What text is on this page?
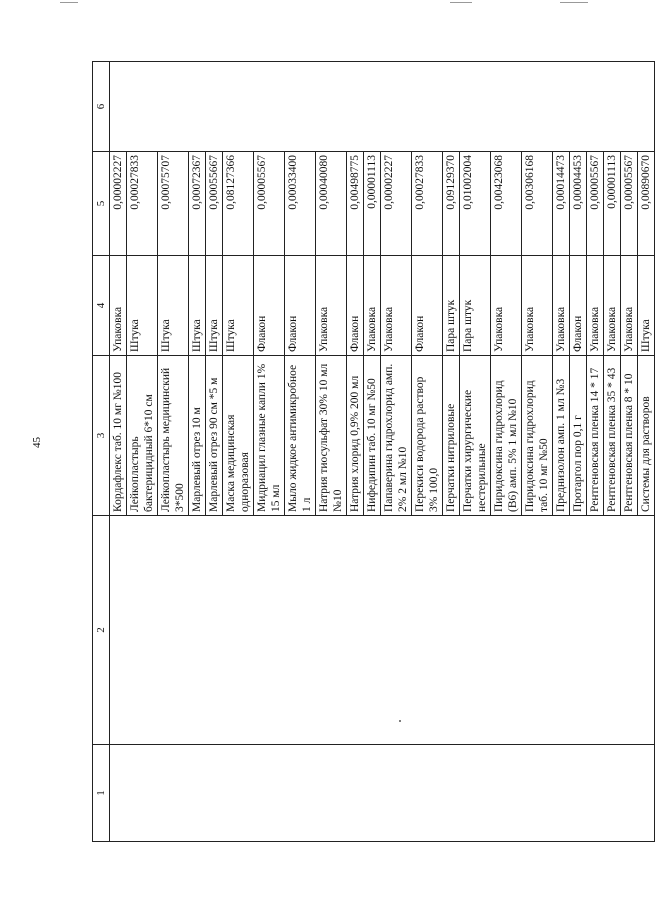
45
1	2	3	4	5	6
		Кордафлекс таб. 10 мг №100	Упаковка	0,00002227	
		Лейкопластырь бактерицидный 6*10 см	Штука	0,00027833	
		Лейкопластырь медицинский 3*500	Штука	0,00075707	
		Марлевый отрез 10 м	Штука	0,00072367	
		Марлевый отрез 90 см *5 м	Штука	0,00055667	
		Маска медицинская одноразовая	Штука	0,08127366	
		Мидриацил глазные капли 1% 15 мл	Флакон	0,00005567	
		Мыло жидкое антимикробное 1 л	Флакон	0,00033400	
		Натрия тиосульфат 30% 10 мл №10	Упаковка	0,00040080	
		Натрия хлорид 0,9% 200 мл	Флакон	0,00498775	
		Нифедипин таб. 10 мг №50	Упаковка	0,00001113	
		Папаверина гидрохлорид амп. 2% 2 мл №10	Упаковка	0,00002227	
		Перекиси водорода раствор 3% 100,0	Флакон	0,00027833	
		Перчатки нитриловые	Пара штук	0,09129370	
		Перчатки хирургические нестерильные	Пара штук	0,01002004	
		Пиридоксина гидрохлорид (B6) амп. 5% 1 мл №10	Упаковка	0,00423068	
		Пиридоксина гидрохлорид таб. 10 мг №50	Упаковка	0,00306168	
		Преднизолон амп. 1 мл №3	Упаковка	0,00014473	
		Протаргол пор 0,1 г	Флакон	0,00004453	
		Рентгеновская пленка 14 * 17	Упаковка	0,00005567	
		Рентгеновская пленка 35 * 43	Упаковка	0,00001113	
		Рентгеновская пленка 8 * 10	Упаковка	0,00005567	
		Системы для растворов	Штука	0,00890670	
